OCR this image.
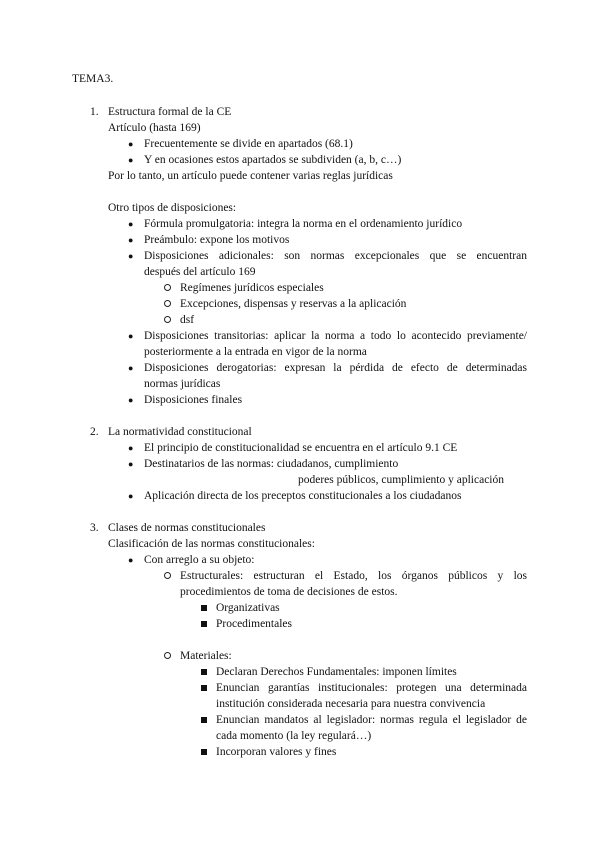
TEMA3.
1. Estructura formal de la CE
Artículo (hasta 169)
● Frecuentemente se divide en apartados (68.1)
● Y en ocasiones estos apartados se subdividen (a, b, c…)
Por lo tanto, un artículo puede contener varias reglas jurídicas
Otro tipos de disposiciones:
● Fórmula promulgatoria: integra la norma en el ordenamiento jurídico
● Preámbulo: expone los motivos
● Disposiciones adicionales: son normas excepcionales que se encuentran
después del artículo 169
Regímenes jurídicos especiales
Excepciones, dispensas y reservas a la aplicación
dsf
● Disposiciones transitorias: aplicar la norma a todo lo acontecido previamente/
posteriormente a la entrada en vigor de la norma
● Disposiciones derogatorias: expresan la pérdida de efecto de determinadas
normas jurídicas
● Disposiciones finales
2. La normatividad constitucional
● El principio de constitucionalidad se encuentra en el artículo 9.1 CE
● Destinatarios de las normas: ciudadanos, cumplimiento
poderes públicos, cumplimiento y aplicación
● Aplicación directa de los preceptos constitucionales a los ciudadanos
3. Clases de normas constitucionales
Clasificación de las normas constitucionales:
● Con arreglo a su objeto:
Estructurales: estructuran el Estado, los órganos públicos y los
procedimientos de toma de decisiones de estos.
Organizativas
Procedimentales
Materiales:
Declaran Derechos Fundamentales: imponen límites
Enuncian garantías institucionales: protegen una determinada
institución considerada necesaria para nuestra convivencia
Enuncian mandatos al legislador: normas regula el legislador de
cada momento (la ley regulará…)
Incorporan valores y fines
